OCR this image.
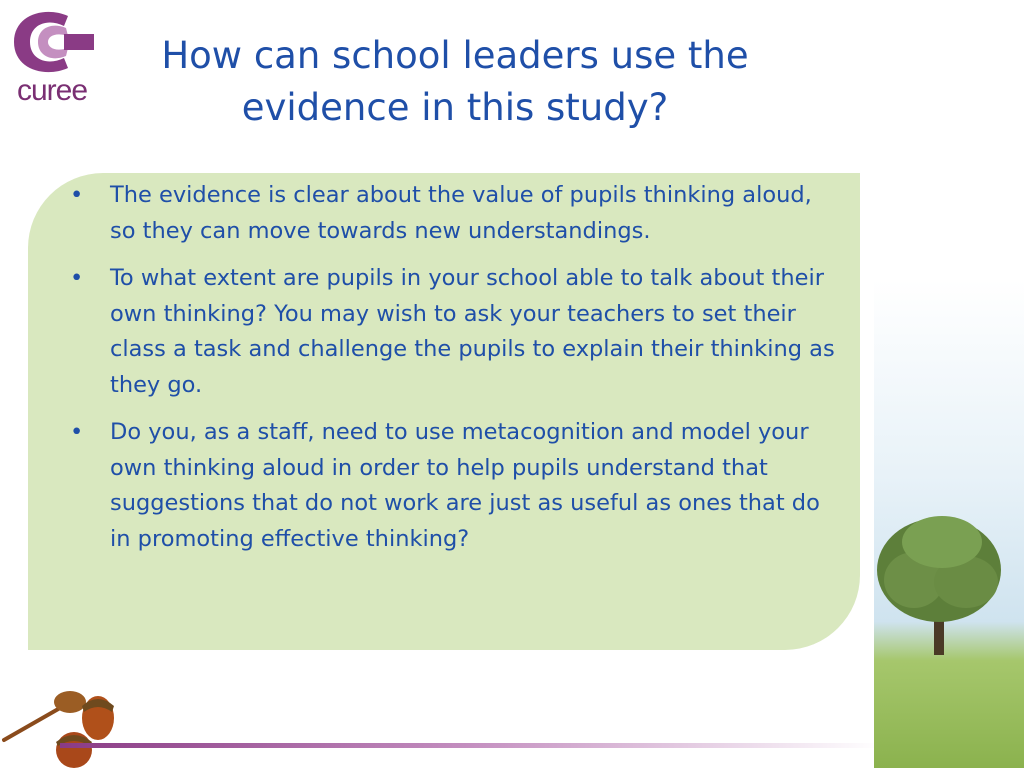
curee
How can school leaders use the evidence in this study?
•	The evidence is clear about the value of pupils thinking aloud, so they can move towards new understandings.
•	To what extent are pupils in your school able to talk about their own thinking? You may wish to ask your teachers to set their class a task and challenge the pupils to explain their thinking as they go.
•	Do you, as a staff, need to use metacognition and model your own thinking aloud in order to help pupils understand that suggestions that do not work are just as useful as ones that do in promoting effective thinking?
